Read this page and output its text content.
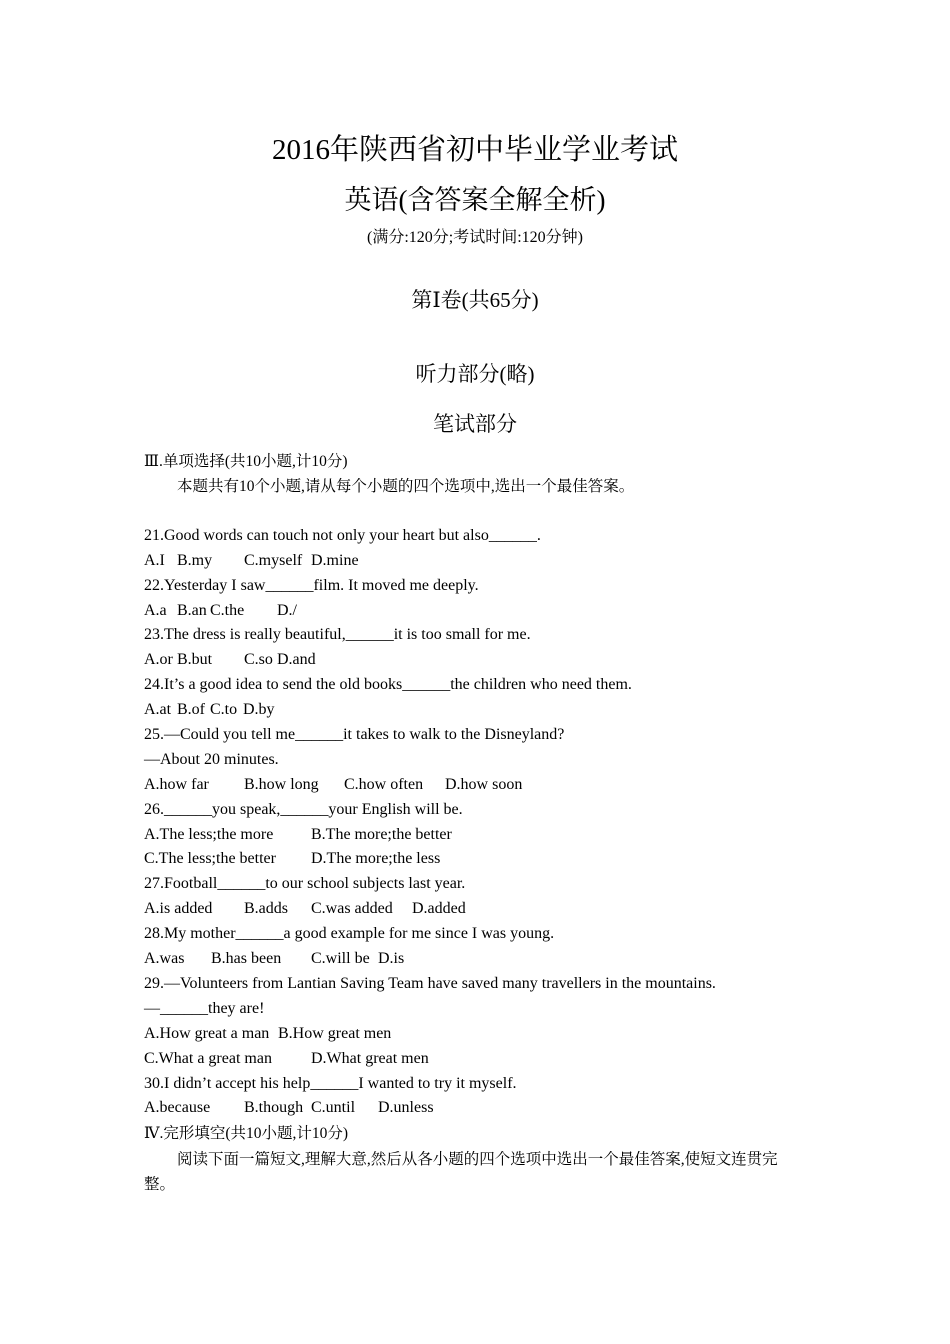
2016年陕西省初中毕业学业考试
英语(含答案全解全析)
(满分:120分;考试时间:120分钟)
第Ⅰ卷(共65分)
听力部分(略)
笔试部分
Ⅲ.单项选择(共10小题,计10分)
本题共有10个小题,请从每个小题的四个选项中,选出一个最佳答案。
21.Good words can touch not only your heart but also______.
A.I B.my C.myself D.mine
22.Yesterday I saw______film. It moved me deeply.
A.a B.an C.the D./
23.The dress is really beautiful,______it is too small for me.
A.or B.but C.so D.and
24.It’s a good idea to send the old books______the children who need them.
A.at B.of C.to D.by
25.—Could you tell me______it takes to walk to the Disneyland?
—About 20 minutes.
A.how far B.how long C.how often D.how soon
26.______you speak,______your English will be.
A.The less;the more B.The more;the better
C.The less;the better D.The more;the less
27.Football______to our school subjects last year.
A.is added B.adds C.was added D.added
28.My mother______a good example for me since I was young.
A.was B.has been C.will be D.is
29.—Volunteers from Lantian Saving Team have saved many travellers in the mountains.
—______they are!
A.How great a man B.How great men
C.What a great man D.What great men
30.I didn’t accept his help______I wanted to try it myself.
A.because B.though C.until D.unless
Ⅳ.完形填空(共10小题,计10分)
阅读下面一篇短文,理解大意,然后从各小题的四个选项中选出一个最佳答案,使短文连贯完整。
